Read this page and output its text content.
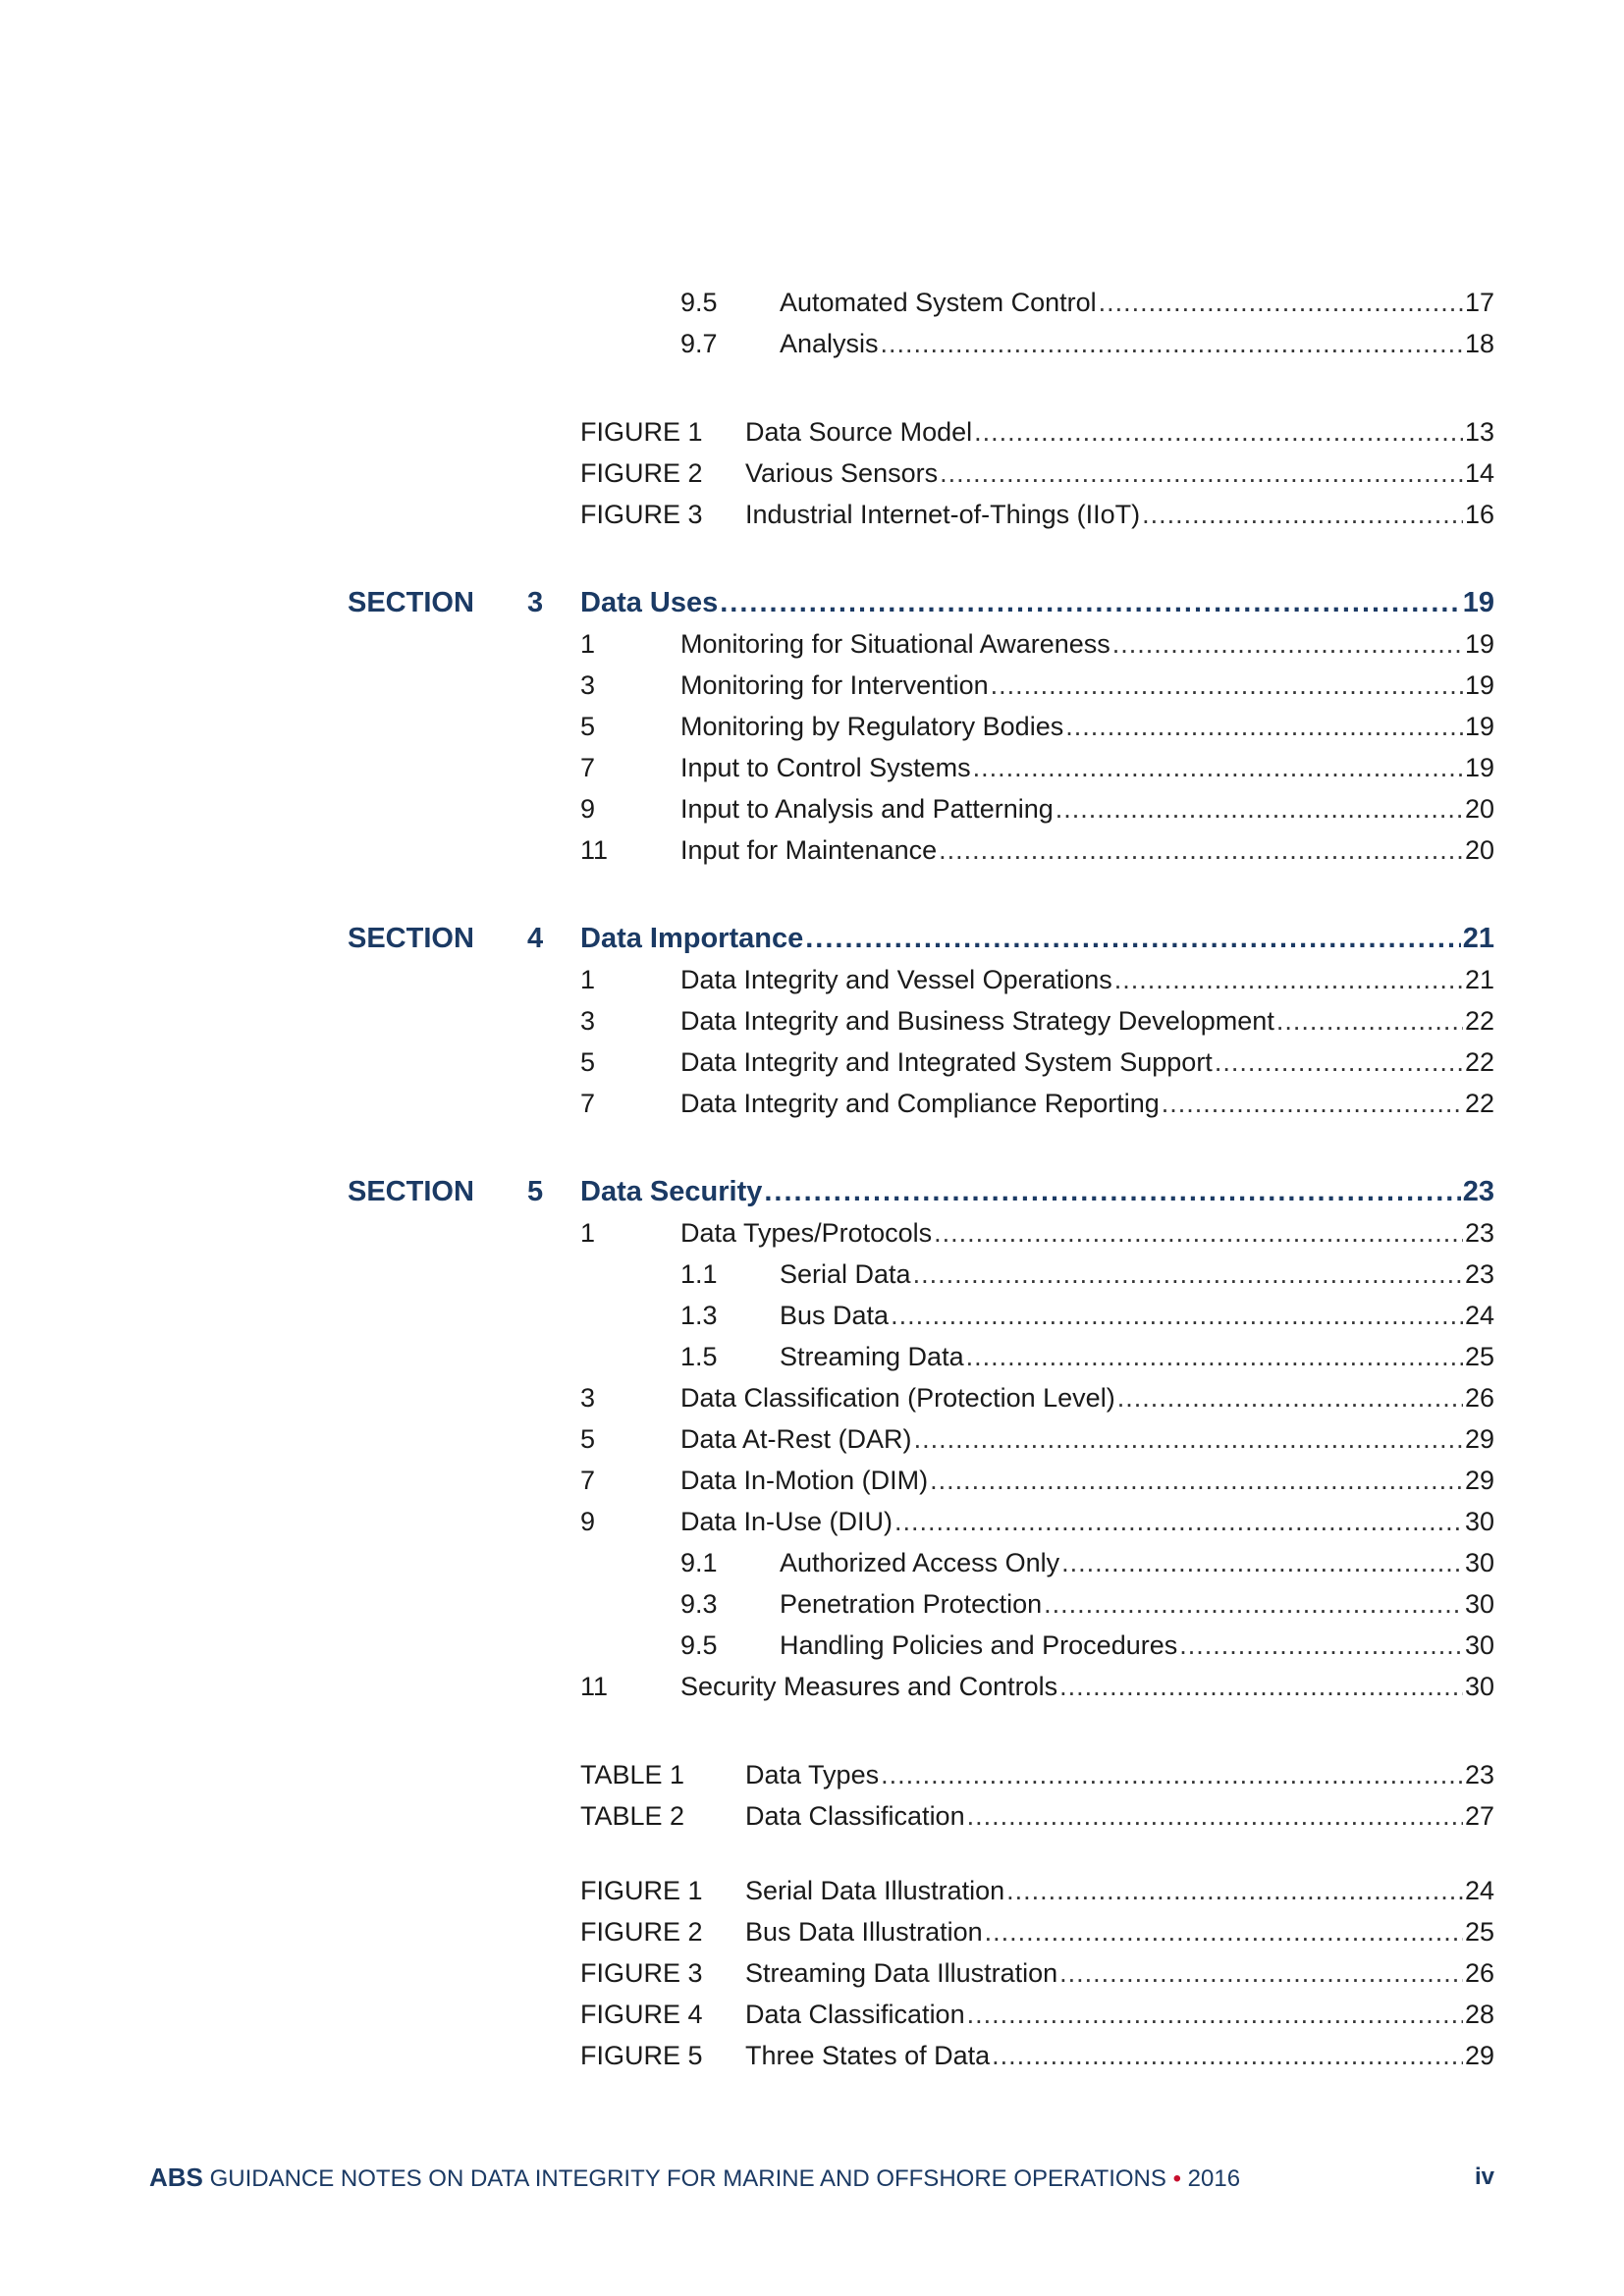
9.5 Automated System Control .....	17
9.7 Analysis .....	18
FIGURE 1 Data Source Model .....	13
FIGURE 2 Various Sensors .....	14
FIGURE 3 Industrial Internet-of-Things (IIoT) .....	16
SECTION 3 Data Uses .....	19
1	Monitoring for Situational Awareness .....	19
3	Monitoring for Intervention .....	19
5	Monitoring by Regulatory Bodies .....	19
7	Input to Control Systems .....	19
9	Input to Analysis and Patterning .....	20
11	Input for Maintenance .....	20
SECTION 4 Data Importance .....	21
1	Data Integrity and Vessel Operations .....	21
3	Data Integrity and Business Strategy Development .....	22
5	Data Integrity and Integrated System Support .....	22
7	Data Integrity and Compliance Reporting .....	22
SECTION 5 Data Security .....	23
1	Data Types/Protocols .....	23
1.1 Serial Data .....	23
1.3 Bus Data .....	24
1.5 Streaming Data .....	25
3	Data Classification (Protection Level) .....	26
5	Data At-Rest (DAR) .....	29
7	Data In-Motion (DIM) .....	29
9	Data In-Use (DIU) .....	30
9.1 Authorized Access Only .....	30
9.3 Penetration Protection .....	30
9.5 Handling Policies and Procedures .....	30
11	Security Measures and Controls .....	30
TABLE 1 Data Types .....	23
TABLE 2 Data Classification .....	27
FIGURE 1 Serial Data Illustration .....	24
FIGURE 2 Bus Data Illustration .....	25
FIGURE 3 Streaming Data Illustration .....	26
FIGURE 4 Data Classification .....	28
FIGURE 5 Three States of Data .....	29
ABS GUIDANCE NOTES ON DATA INTEGRITY FOR MARINE AND OFFSHORE OPERATIONS • 2016	iv
